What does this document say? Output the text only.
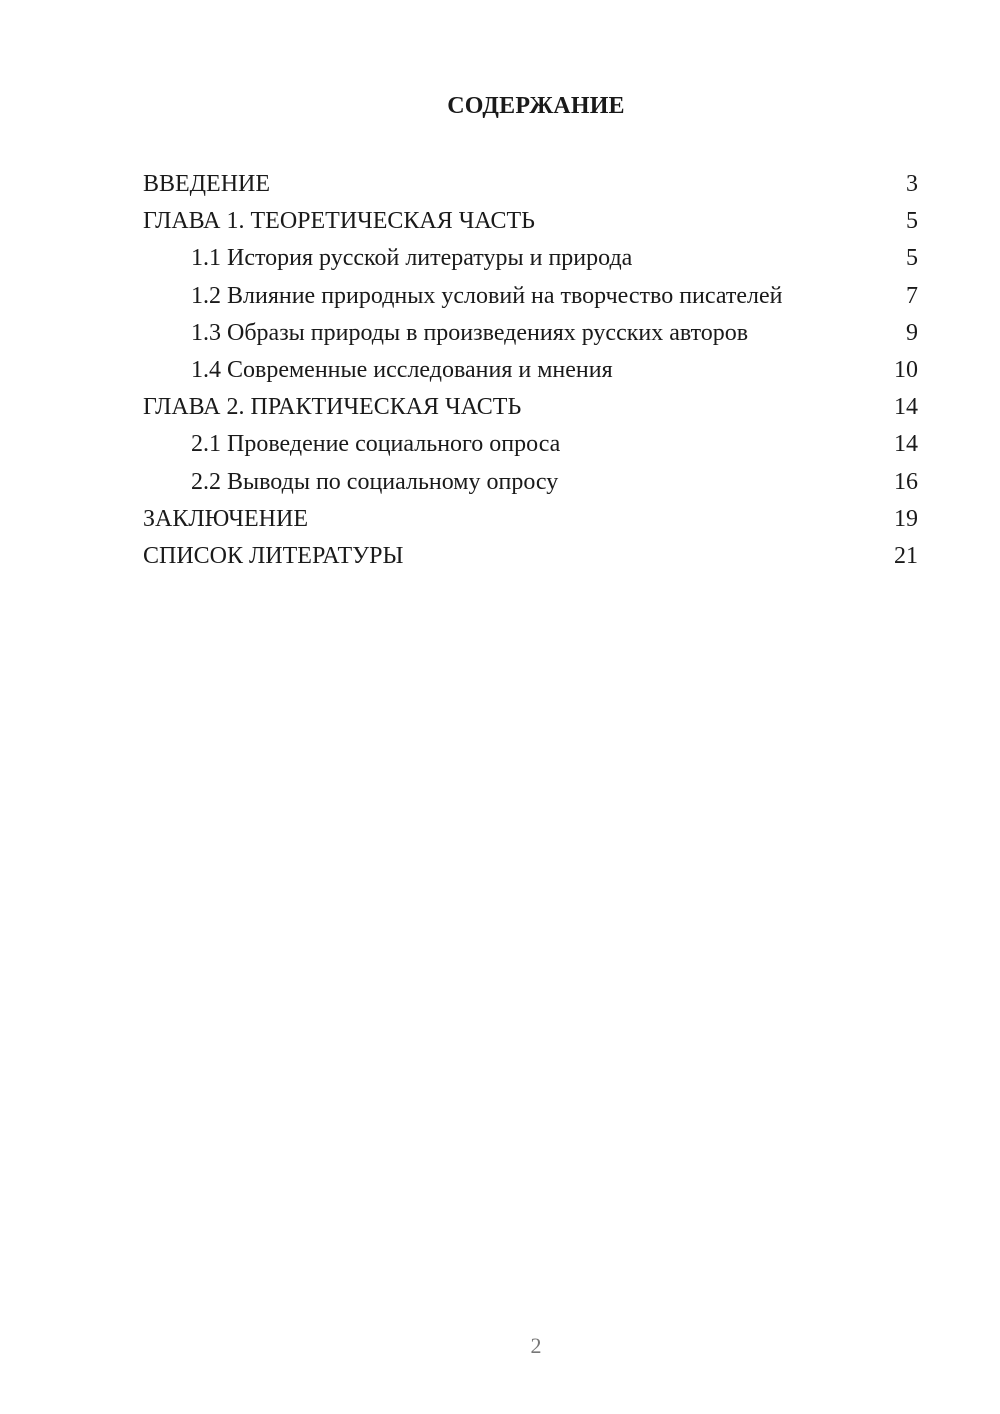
СОДЕРЖАНИЕ
ВВЕДЕНИЕ	3
ГЛАВА 1. ТЕОРЕТИЧЕСКАЯ ЧАСТЬ	5
1.1 История русской литературы и природа	5
1.2 Влияние природных условий на творчество писателей	7
1.3 Образы природы в произведениях русских авторов	9
1.4 Современные исследования и мнения	10
ГЛАВА 2. ПРАКТИЧЕСКАЯ ЧАСТЬ	14
2.1 Проведение социального опроса	14
2.2 Выводы по социальному опросу	16
ЗАКЛЮЧЕНИЕ	19
СПИСОК ЛИТЕРАТУРЫ	21
2
